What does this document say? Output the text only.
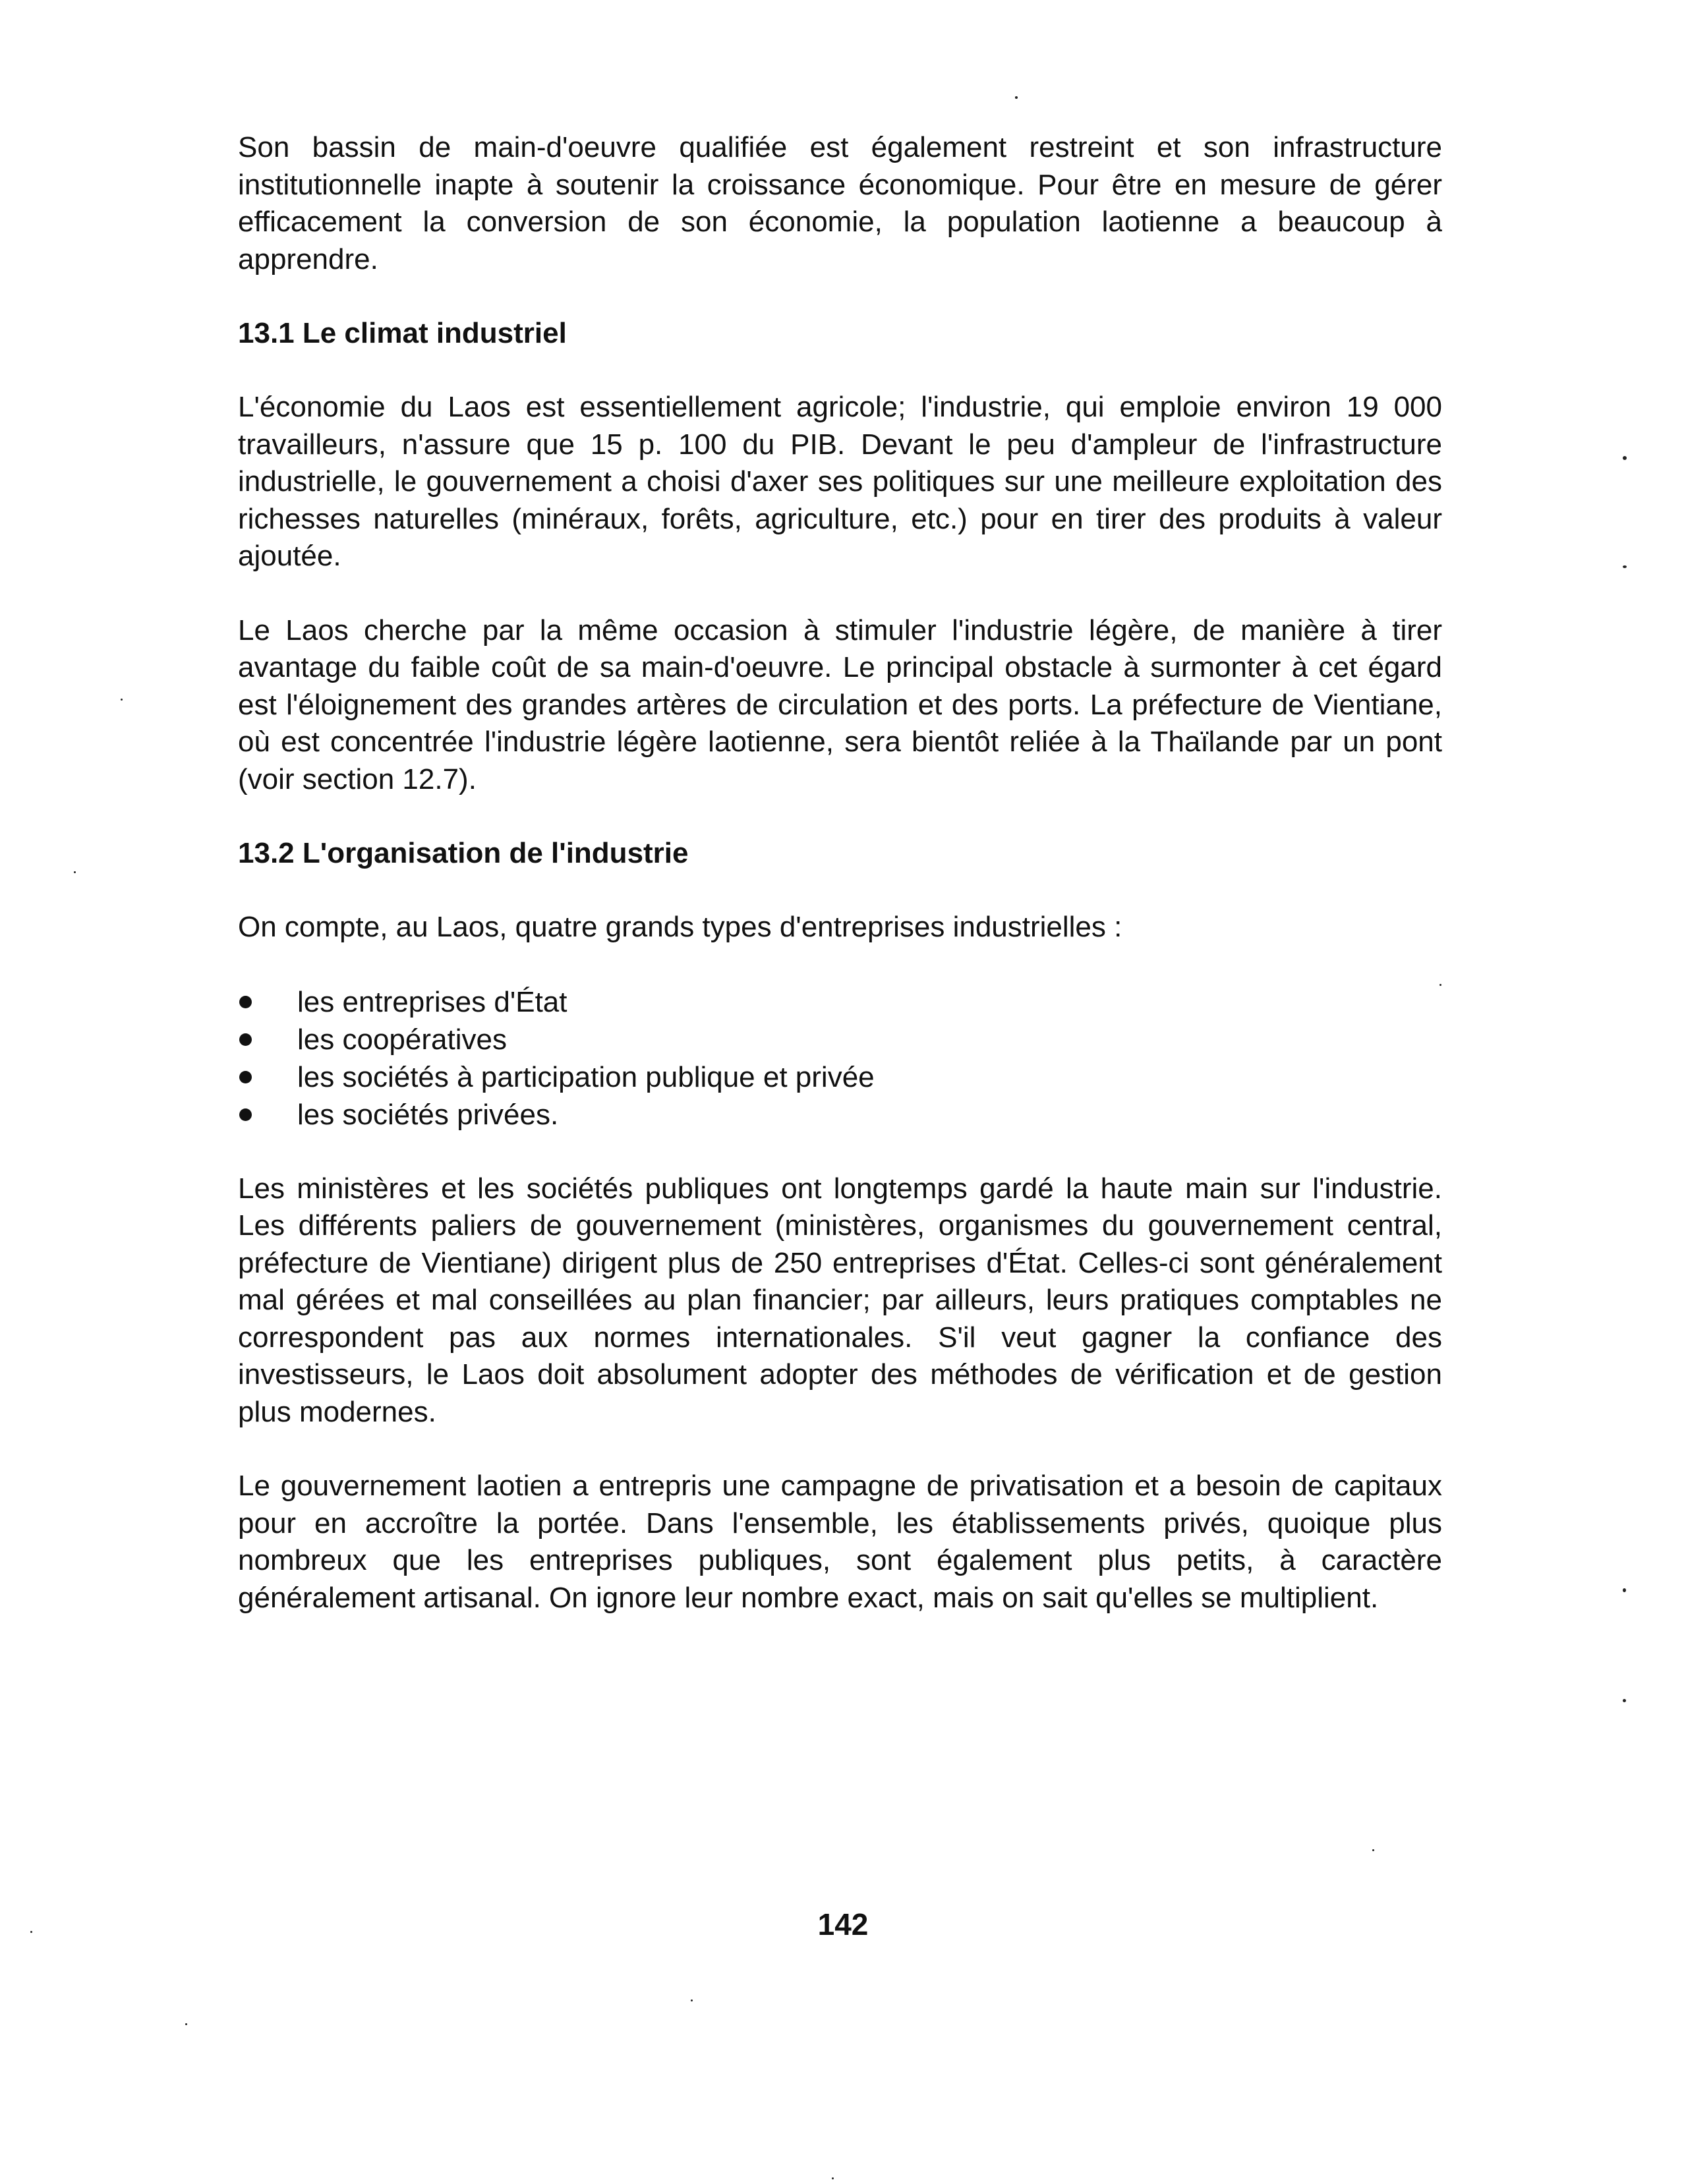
Son bassin de main-d'oeuvre qualifiée est également restreint et son infrastructure institutionnelle inapte à soutenir la croissance économique. Pour être en mesure de gérer efficacement la conversion de son économie, la population laotienne a beaucoup à apprendre.

13.1 Le climat industriel

L'économie du Laos est essentiellement agricole; l'industrie, qui emploie environ 19 000 travailleurs, n'assure que 15 p. 100 du PIB. Devant le peu d'ampleur de l'infrastructure industrielle, le gouvernement a choisi d'axer ses politiques sur une meilleure exploitation des richesses naturelles (minéraux, forêts, agriculture, etc.) pour en tirer des produits à valeur ajoutée.

Le Laos cherche par la même occasion à stimuler l'industrie légère, de manière à tirer avantage du faible coût de sa main-d'oeuvre. Le principal obstacle à surmonter à cet égard est l'éloignement des grandes artères de circulation et des ports. La préfecture de Vientiane, où est concentrée l'industrie légère laotienne, sera bientôt reliée à la Thaïlande par un pont (voir section 12.7).

13.2 L'organisation de l'industrie

On compte, au Laos, quatre grands types d'entreprises industrielles :

les entreprises d'État
les coopératives
les sociétés à participation publique et privée
les sociétés privées.

Les ministères et les sociétés publiques ont longtemps gardé la haute main sur l'industrie. Les différents paliers de gouvernement (ministères, organismes du gouvernement central, préfecture de Vientiane) dirigent plus de 250 entreprises d'État. Celles-ci sont généralement mal gérées et mal conseillées au plan financier; par ailleurs, leurs pratiques comptables ne correspondent pas aux normes internationales. S'il veut gagner la confiance des investisseurs, le Laos doit absolument adopter des méthodes de vérification et de gestion plus modernes.

Le gouvernement laotien a entrepris une campagne de privatisation et a besoin de capitaux pour en accroître la portée. Dans l'ensemble, les établissements privés, quoique plus nombreux que les entreprises publiques, sont également plus petits, à caractère généralement artisanal. On ignore leur nombre exact, mais on sait qu'elles se multiplient.

142
